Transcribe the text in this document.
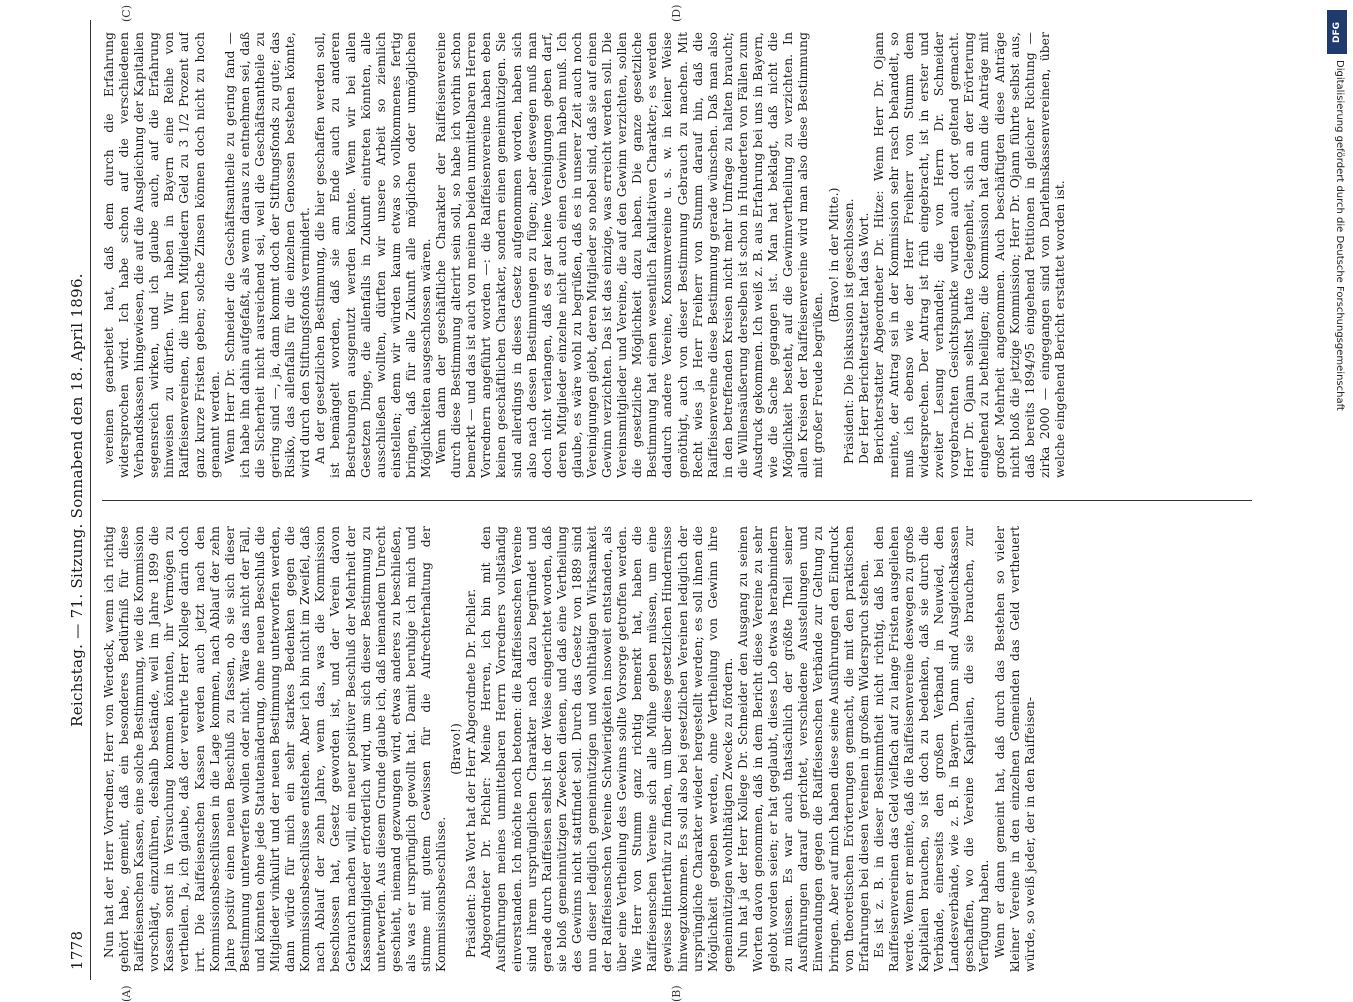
1778
Reichstag. — 71. Sitzung. Sonnabend den 18. April 1896.

Nun hat der Herr Vorredner, Herr von Werdeck, wenn ich richtig gehört habe, gemeint, daß ein besonderes Bedürfniß für diese Raiffeisenschen Kassen, eine solche Bestimmung, wie die Kommission vorschlägt, einzuführen, deshalb bestände, weil im Jahre 1899 die Kassen sonst in Versuchung kommen könnten, ihr Vermögen zu vertheilen. Ja, ich glaube, daß der verehrte Herr Kollege darin doch irrt. Die Raiffeisenschen Kassen werden auch jetzt nach den Kommissionsbeschlüssen in die Lage kommen, nach Ablauf der zehn Jahre positiv einen neuen Beschluß zu fassen, ob sie sich dieser Bestimmung unterwerfen wollen oder nicht. Wäre das nicht der Fall, und könnten ohne jede Statutenänderung, ohne neuen Beschluß die Mitglieder vinkulirt und der neuen Bestimmung unterworfen werden, dann würde für mich ein sehr starkes Bedenken gegen die Kommissionsbeschlüsse entstehen. Aber ich bin nicht im Zweifel, daß nach Ablauf der zehn Jahre, wenn das, was die Kommission beschlossen hat, Gesetz geworden ist, und der Verein davon Gebrauch machen will, ein neuer positiver Beschluß der Mehrheit der Kassenmitglieder erforderlich wird, um sich dieser Bestimmung zu unterwerfen. Aus diesem Grunde glaube ich, daß niemandem Unrecht geschieht, niemand gezwungen wird, etwas anderes zu beschließen, als was er ursprünglich gewollt hat. Damit beruhige ich mich und stimme mit gutem Gewissen für die Aufrechterhaltung der Kommissionsbeschlüsse.

(Bravo!) Präsident: Das Wort hat der Herr Abgeordnete Dr. Pichler. Abgeordneter Dr. Pichler: Meine Herren, ich bin mit den Ausführungen meines unmittelbaren Herrn Vorredners vollständig einverstanden. Ich möchte noch betonen: die Raiffeisenschen Vereine sind ihrem ursprünglichen Charakter nach dazu begründet und gerade durch Raiffeisen selbst in der Weise eingerichtet worden, daß sie bloß gemeinnützigen Zwecken dienen, und daß eine Vertheilung des Gewinns nicht stattfindet soll. Durch das Gesetz von 1889 sind nun dieser lediglich gemeinnützigen und wohlthätigen Wirksamkeit der Raiffeisenschen Vereine Schwierigkeiten insoweit entstanden, als über eine Vertheilung des Gewinns sollte Vorsorge getroffen werden. Wie Herr von Stumm ganz richtig bemerkt hat, haben die Raiffeisenschen Vereine sich alle Mühe geben müssen, um eine gewisse Hinterthür zu finden, um über diese gesetzlichen Hindernisse hinwegzukommen. Es soll also bei gesetzlichen Vereinen lediglich der ursprüngliche Charakter wieder hergestellt werden; es soll ihnen die Möglichkeit gegeben werden, ohne Vertheilung von Gewinn ihre gemeinnützigen wohlthätigen Zwecke zu fördern. Nun hat ja der Herr Kollege Dr. Schneider den Ausgang zu seinen Worten davon genommen, daß in dem Bericht diese Vereine zu sehr gelobt worden seien; er hat geglaubt, dieses Lob etwas herabmindern zu müssen. Es war auch thatsächlich der größte Theil seiner Ausführungen darauf gerichtet, verschiedene Ausstellungen und Einwendungen gegen die Raiffeisenschen Verbände zur Geltung zu bringen. Aber auf mich haben diese seine Ausführungen den Eindruck von theoretischen Erörterungen gemacht, die mit den praktischen Erfahrungen bei diesen Vereinen in großem Widerspruch stehen. Es ist z. B. in dieser Bestimmtheit nicht richtig, daß bei den Raiffeisenvereinen das Geld vielfach auf zu lange Fristen ausgeliehen werde. Wenn er meinte, daß die Raiffeisenvereine deswegen zu große Kapitalien brauchen, so ist doch zu bedenken, daß sie durch die Verbände, einerseits den großen Verband in Neuwied, den Landesverbände, wie z. B. in Bayern. Dann sind Ausgleichskassen geschaffen, wo die Vereine Kapitalien, die sie brauchen, zur Verfügung haben. Wenn er dann gemeint hat, daß durch das Bestehen so vieler kleiner Vereine in den einzelnen Gemeinden das Geld vertheuert würde, so weiß jeder, der in den Raiffeisen-

vereinen gearbeitet hat, daß dem durch die Erfahrung widersprochen wird. Ich habe schon auf die verschiedenen Verbandskassen hingewiesen, die auf die Ausgleichung der Kapitalien segensreich wirken, und ich glaube auch, auf die Erfahrung hinweisen zu dürfen. Wir haben in Bayern eine Reihe von Raiffeisenvereinen, die ihren Mitgliedern Geld zu 3 1/2 Prozent auf ganz kurze Fristen geben; solche Zinsen können doch nicht zu hoch genannt werden. Wenn Herr Dr. Schneider die Geschäftsantheile zu gering fand — ich habe ihn dahin aufgefaßt, als wenn daraus zu entnehmen sei, daß die Sicherheit nicht ausreichend sei, weil die Geschäftsantheile zu gering sind —, ja, dann kommt doch der Stiftungsfonds zu gute; das Risiko, das allenfalls für die einzelnen Genossen bestehen könnte, wird durch den Stiftungsfonds vermindert. An der gesetzlichen Bestimmung, die hier geschaffen werden soll, ist bemängelt worden, daß sie am Ende auch zu anderen Bestrebungen ausgenutzt werden könnte. Wenn wir bei allen Gesetzen Dinge, die allenfalls in Zukunft eintreten könnten, alle ausschließen wollten, dürften wir unsere Arbeit so ziemlich einstellen; denn wir würden kaum etwas so vollkommenes fertig bringen, daß für alle Zukunft alle möglichen oder unmöglichen Möglichkeiten ausgeschlossen wären. Wenn dann der geschäftliche Charakter der Raiffeisenvereine durch diese Bestimmung alterirt sein soll, so habe ich vorhin schon bemerkt — und das ist auch von meinen beiden unmittelbaren Herren Vorrednern angeführt worden —: die Raiffeisenvereine haben eben keinen geschäftlichen Charakter, sondern einen gemeinnützigen. Sie sind allerdings in dieses Gesetz aufgenommen worden, haben sich also nach dessen Bestimmungen zu fügen; aber deswegen muß man doch nicht verlangen, daß es gar keine Vereinigungen geben darf, deren Mitglieder einzelne nicht auch einen Gewinn haben muß. Ich glaube, es wäre wohl zu begrüßen, daß es in unserer Zeit auch noch Vereinigungen giebt, deren Mitglieder so nobel sind, daß sie auf einen Gewinn verzichten. Das ist das einzige, was erreicht werden soll. Die Vereinsmitglieder und Vereine, die auf den Gewinn verzichten, sollen die gesetzliche Möglichkeit dazu haben. Die ganze gesetzliche Bestimmung hat einen wesentlich fakultativen Charakter; es werden dadurch andere Vereine, Konsumvereine u. s. w. in keiner Weise genöthigt, auch von dieser Bestimmung Gebrauch zu machen. Mit Recht wies ja Herr Freiherr von Stumm darauf hin, daß die Raiffeisenvereine diese Bestimmung gerade wünschen. Daß man also in den betreffenden Kreisen nicht mehr Umfrage zu halten braucht; die Willensäußerung derselben ist schon in Hunderten von Fällen zum Ausdruck gekommen. Ich weiß z. B. aus Erfahrung bei uns in Bayern, wie die Sache gegangen ist. Man hat beklagt, daß nicht die Möglichkeit besteht, auf die Gewinnvertheilung zu verzichten. In allen Kreisen der Raiffeisenvereine wird man also diese Bestimmung mit großer Freude begrüßen.

(Bravo! in der Mitte.) Präsident: Die Diskussion ist geschlossen. Der Herr Berichterstatter hat das Wort. Berichterstatter Abgeordneter Dr. Hitze: Wenn Herr Dr. Ojann meinte, der Antrag sei in der Kommission sehr rasch behandelt, so muß ich ebenso wie der Herr Freiherr von Stumm dem widersprechen. Der Antrag ist früh eingebracht, ist in erster und zweiter Lesung verhandelt; die von Herrn Dr. Schneider vorgebrachten Gesichtspunkte wurden auch dort geltend gemacht. Herr Dr. Ojann selbst hatte Gelegenheit, sich an der Erörterung eingehend zu betheiligen; die Kommission hat dann die Anträge mit großer Mehrheit angenommen. Auch beschäftigten diese Anträge nicht bloß die jetzige Kommission; Herr Dr. Ojann führte selbst aus, daß bereits 1894/95 eingehend Petitionen in gleicher Richtung — zirka 2000 — eingegangen sind von Darlehnskassenvereinen, über welche eingehend Bericht erstattet worden ist.

(A)	(B)
(C)	(D)
DFG
Digitalisierung gefördert durch die Deutsche Forschungsgemeinschaft
